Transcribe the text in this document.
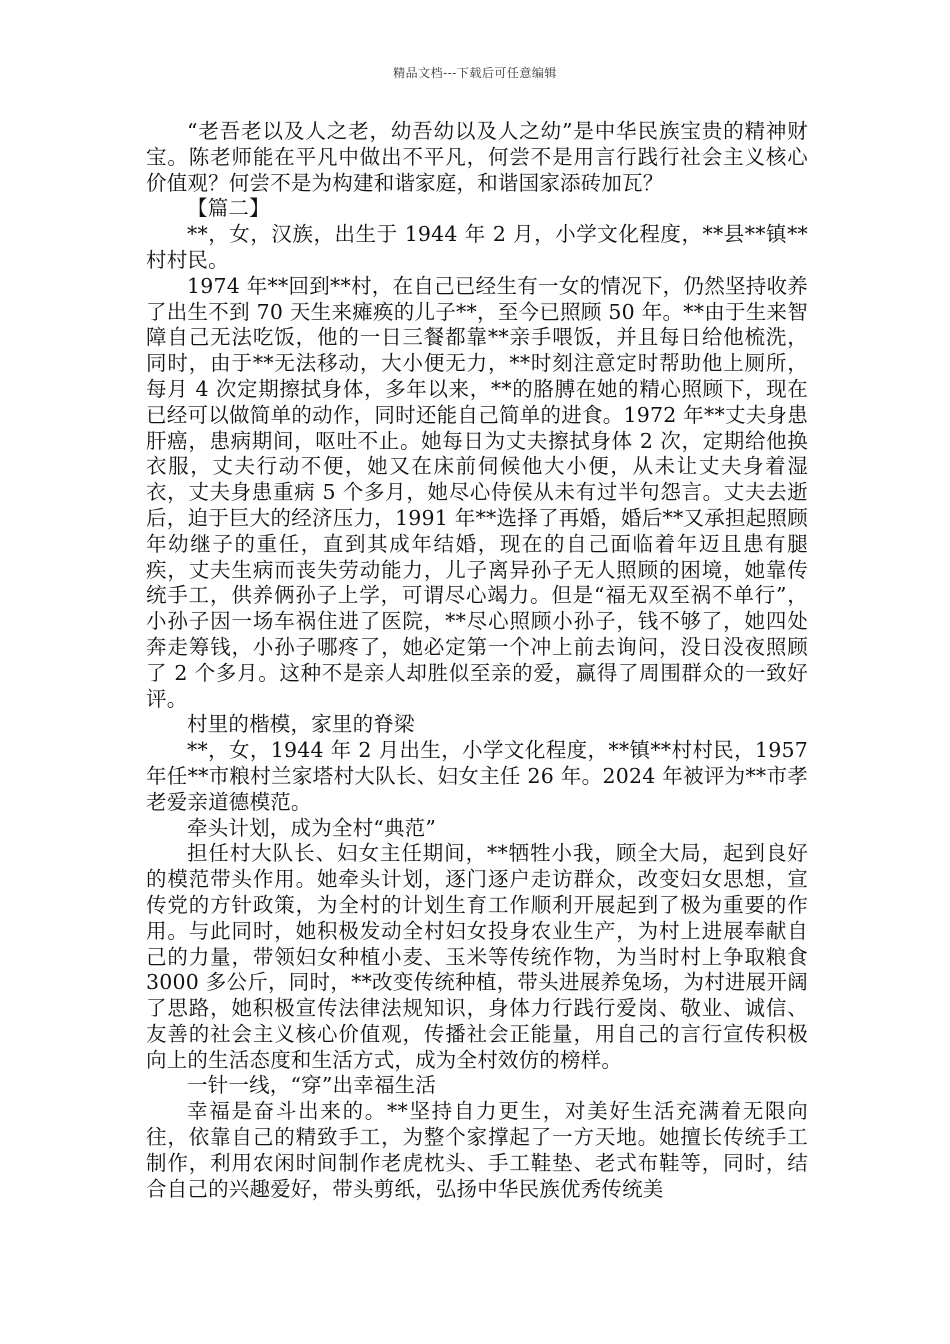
精品文档---下载后可任意编辑

“老吾老以及人之老，幼吾幼以及人之幼”是中华民族宝贵的精神财宝。陈老师能在平凡中做出不平凡，何尝不是用言行践行社会主义核心价值观？何尝不是为构建和谐家庭，和谐国家添砖加瓦？

【篇二】

**，女，汉族，出生于 1944 年 2 月，小学文化程度，**县**镇**村村民。

1974 年**回到**村，在自己已经生有一女的情况下，仍然坚持收养了出生不到 70 天生来瘫痪的儿子**，至今已照顾 50 年。**由于生来智障自己无法吃饭，他的一日三餐都靠**亲手喂饭，并且每日给他梳洗，同时，由于**无法移动，大小便无力，**时刻注意定时帮助他上厕所，每月 4 次定期擦拭身体，多年以来，**的胳膊在她的精心照顾下，现在已经可以做简单的动作，同时还能自己简单的进食。1972 年**丈夫身患肝癌，患病期间，呕吐不止。她每日为丈夫擦拭身体 2 次，定期给他换衣服，丈夫行动不便，她又在床前伺候他大小便，从未让丈夫身着湿衣，丈夫身患重病 5 个多月，她尽心侍侯从未有过半句怨言。丈夫去逝后，迫于巨大的经济压力，1991 年**选择了再婚，婚后**又承担起照顾年幼继子的重任，直到其成年结婚，现在的自己面临着年迈且患有腿疾，丈夫生病而丧失劳动能力，儿子离异孙子无人照顾的困境，她靠传统手工，供养俩孙子上学，可谓尽心竭力。但是“福无双至祸不单行”，小孙子因一场车祸住进了医院，**尽心照顾小孙子，钱不够了，她四处奔走筹钱，小孙子哪疼了，她必定第一个冲上前去询问，没日没夜照顾了 2 个多月。这种不是亲人却胜似至亲的爱，赢得了周围群众的一致好评。

村里的楷模，家里的脊梁

**，女，1944 年 2 月出生，小学文化程度，**镇**村村民，1957 年任**市粮村兰家塔村大队长、妇女主任 26 年。2024 年被评为**市孝老爱亲道德模范。

牵头计划，成为全村“典范”

担任村大队长、妇女主任期间，**牺牲小我，顾全大局，起到良好的模范带头作用。她牵头计划，逐门逐户走访群众，改变妇女思想，宣传党的方针政策，为全村的计划生育工作顺利开展起到了极为重要的作用。与此同时，她积极发动全村妇女投身农业生产，为村上进展奉献自己的力量，带领妇女种植小麦、玉米等传统作物，为当时村上争取粮食 3000 多公斤，同时，**改变传统种植，带头进展养兔场，为村进展开阔了思路，她积极宣传法律法规知识，身体力行践行爱岗、敬业、诚信、友善的社会主义核心价值观，传播社会正能量，用自己的言行宣传积极向上的生活态度和生活方式，成为全村效仿的榜样。

一针一线，“穿”出幸福生活

幸福是奋斗出来的。**坚持自力更生，对美好生活充满着无限向往，依靠自己的精致手工，为整个家撑起了一方天地。她擅长传统手工制作，利用农闲时间制作老虎枕头、手工鞋垫、老式布鞋等，同时，结合自己的兴趣爱好，带头剪纸，弘扬中华民族优秀传统美
